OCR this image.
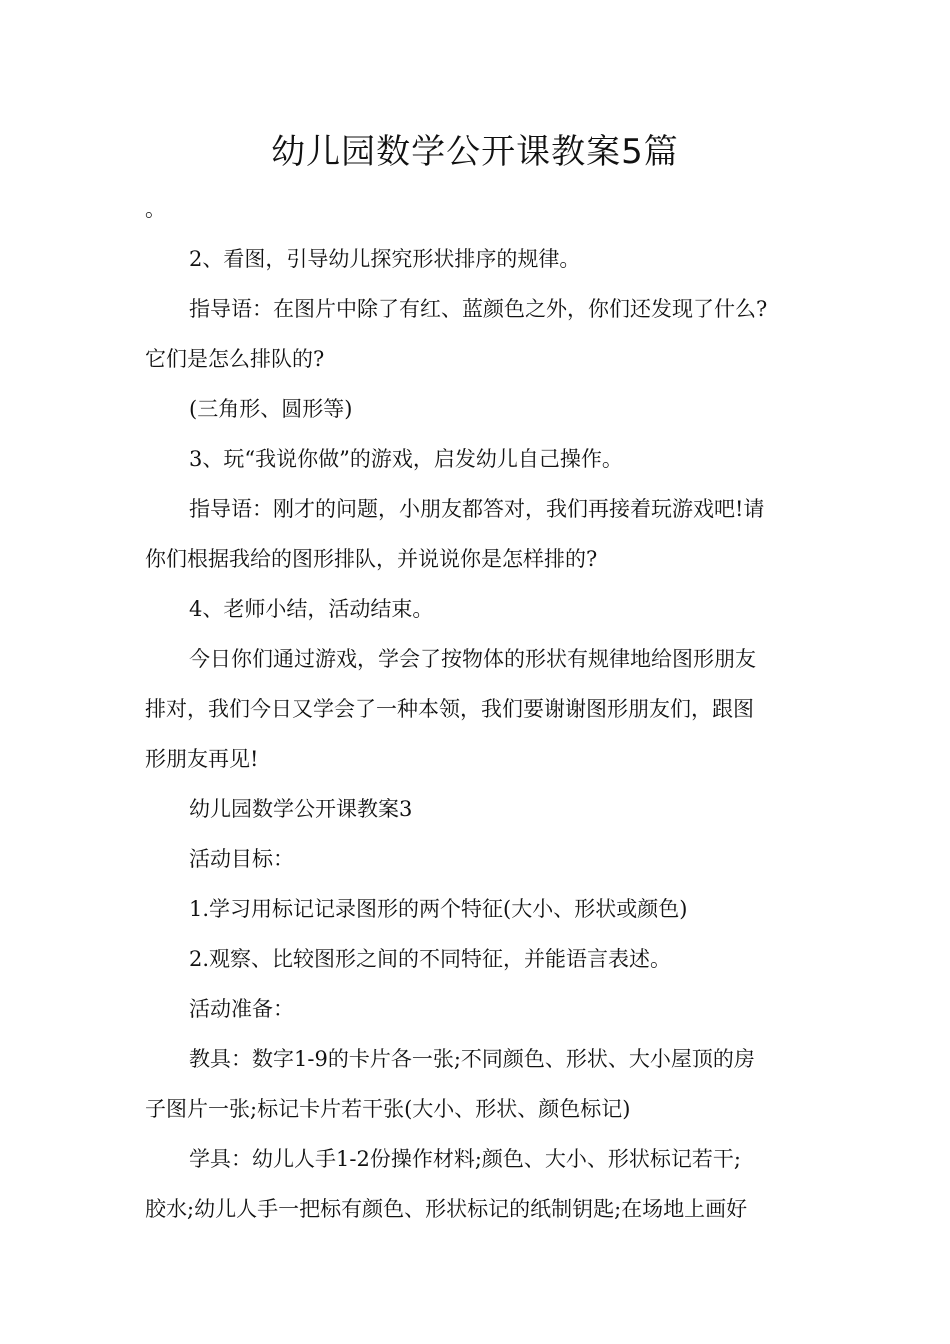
幼儿园数学公开课教案5篇

。

2、看图，引导幼儿探究形状排序的规律。

指导语：在图片中除了有红、蓝颜色之外，你们还发现了什么?

它们是怎么排队的?

(三角形、圆形等)

3、玩“我说你做”的游戏，启发幼儿自己操作。

指导语：刚才的问题，小朋友都答对，我们再接着玩游戏吧!请

你们根据我给的图形排队，并说说你是怎样排的?

4、老师小结，活动结束。

今日你们通过游戏，学会了按物体的形状有规律地给图形朋友

排对，我们今日又学会了一种本领，我们要谢谢图形朋友们，跟图

形朋友再见!

幼儿园数学公开课教案3

活动目标：

1.学习用标记记录图形的两个特征(大小、形状或颜色)

2.观察、比较图形之间的不同特征，并能语言表述。

活动准备：

教具：数字1-9的卡片各一张;不同颜色、形状、大小屋顶的房

子图片一张;标记卡片若干张(大小、形状、颜色标记)

学具：幼儿人手1-2份操作材料;颜色、大小、形状标记若干;

胶水;幼儿人手一把标有颜色、形状标记的纸制钥匙;在场地上画好
